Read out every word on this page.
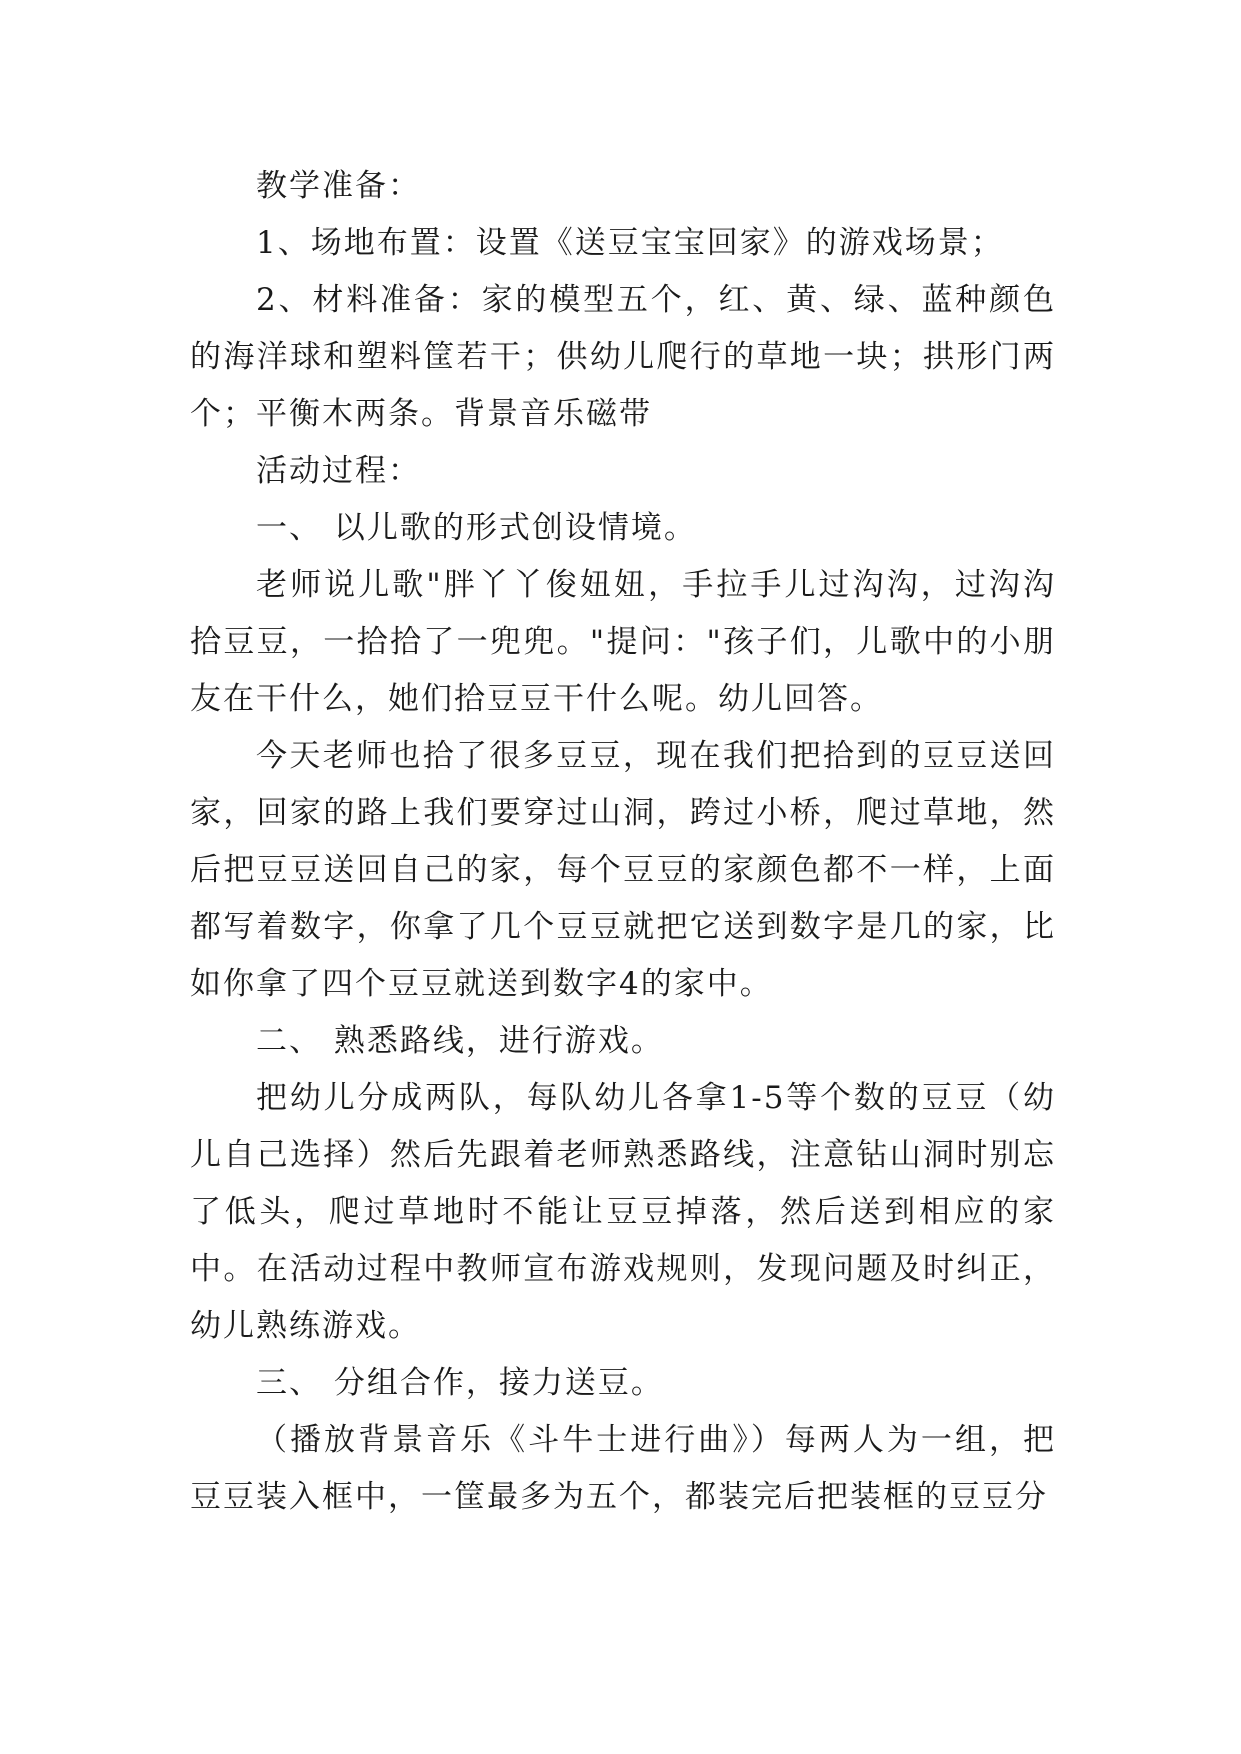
教学准备：

1、场地布置：设置《送豆宝宝回家》的游戏场景；

2、材料准备：家的模型五个，红、黄、绿、蓝种颜色的海洋球和塑料筐若干；供幼儿爬行的草地一块；拱形门两个；平衡木两条。背景音乐磁带

活动过程：

一、 以儿歌的形式创设情境。

老师说儿歌"胖丫丫俊妞妞，手拉手儿过沟沟，过沟沟拾豆豆，一拾拾了一兜兜。"提问："孩子们，儿歌中的小朋友在干什么，她们拾豆豆干什么呢。幼儿回答。

今天老师也拾了很多豆豆，现在我们把拾到的豆豆送回家，回家的路上我们要穿过山洞，跨过小桥，爬过草地，然后把豆豆送回自己的家，每个豆豆的家颜色都不一样，上面都写着数字，你拿了几个豆豆就把它送到数字是几的家，比如你拿了四个豆豆就送到数字4的家中。

二、 熟悉路线，进行游戏。

把幼儿分成两队，每队幼儿各拿1-5等个数的豆豆（幼儿自己选择）然后先跟着老师熟悉路线，注意钻山洞时别忘了低头，爬过草地时不能让豆豆掉落，然后送到相应的家中。在活动过程中教师宣布游戏规则，发现问题及时纠正，幼儿熟练游戏。

三、 分组合作，接力送豆。

（播放背景音乐《斗牛士进行曲》）每两人为一组，把豆豆装入框中，一筐最多为五个，都装完后把装框的豆豆分
